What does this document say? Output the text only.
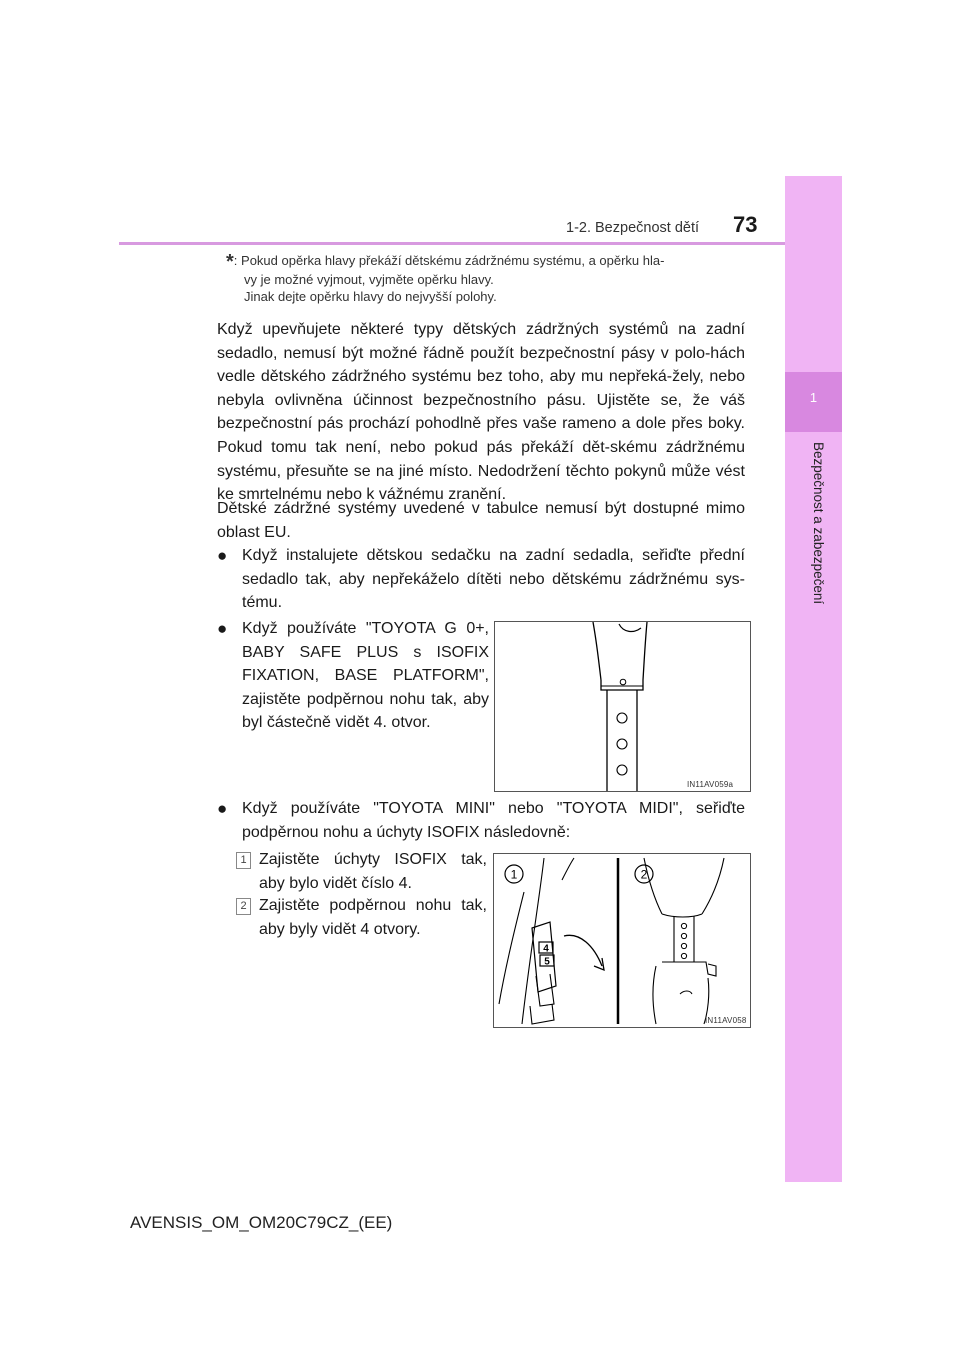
1
Bezpečnost a zabezpečení
1-2. Bezpečnost dětí 73
*: Pokud opěrka hlavy překáží dětskému zádržnému systému, a opěrku hla-
vy je možné vyjmout, vyjměte opěrku hlavy.
Jinak dejte opěrku hlavy do nejvyšší polohy.
Když upevňujete některé typy dětských zádržných systémů na zadní sedadlo, nemusí být možné řádně použít bezpečnostní pásy v polo-hách vedle dětského zádržného systému bez toho, aby mu nepřeká-žely, nebo nebyla ovlivněna účinnost bezpečnostního pásu. Ujistěte se, že váš bezpečnostní pás prochází pohodlně přes vaše rameno a dole přes boky. Pokud tomu tak není, nebo pokud pás překáží dět-skému zádržnému systému, přesuňte se na jiné místo. Nedodržení těchto pokynů může vést ke smrtelnému nebo k vážnému zranění.
Dětské zádržné systémy uvedené v tabulce nemusí být dostupné mimo oblast EU.
● Když instalujete dětskou sedačku na zadní sedadla, seřiďte přední sedadlo tak, aby nepřekáželo dítěti nebo dětskému zádržnému sys-tému.
● Když používáte "TOYOTA G 0+, BABY SAFE PLUS s ISOFIX FIXATION, BASE PLATFORM", zajistěte podpěrnou nohu tak, aby byl částečně vidět 4. otvor.
IN11AV059a
● Když používáte "TOYOTA MINI" nebo "TOYOTA MIDI", seřiďte podpěrnou nohu a úchyty ISOFIX následovně:
1 Zajistěte úchyty ISOFIX tak, aby bylo vidět číslo 4.
2 Zajistěte podpěrnou nohu tak, aby byly vidět 4 otvory.
1	2
4
5
IN11AV058
AVENSIS_OM_OM20C79CZ_(EE)
